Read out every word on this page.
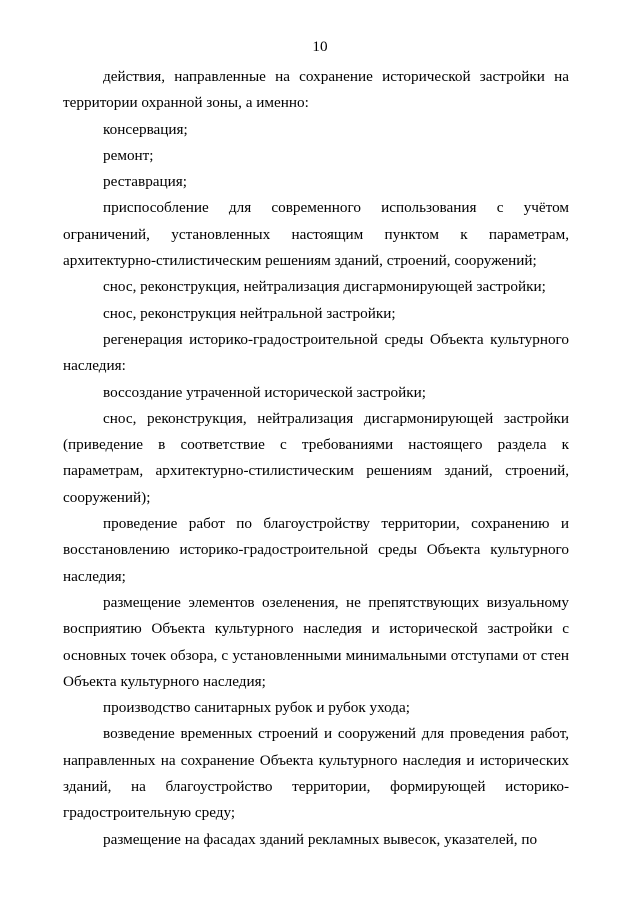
10

действия, направленные на сохранение исторической застройки на территории охранной зоны, а именно:

консервация;

ремонт;

реставрация;

приспособление для современного использования с учётом ограничений, установленных настоящим пунктом к параметрам, архитектурно-стилистическим решениям зданий, строений, сооружений;

снос, реконструкция, нейтрализация дисгармонирующей застройки;

снос, реконструкция нейтральной застройки;

регенерация историко-градостроительной среды Объекта культурного наследия:

воссоздание утраченной исторической застройки;

снос, реконструкция, нейтрализация дисгармонирующей застройки (приведение в соответствие с требованиями настоящего раздела к параметрам, архитектурно-стилистическим решениям зданий, строений, сооружений);

проведение работ по благоустройству территории, сохранению и восстановлению историко-градостроительной среды Объекта культурного наследия;

размещение элементов озеленения, не препятствующих визуальному восприятию Объекта культурного наследия и исторической застройки с основных точек обзора, с установленными минимальными отступами от стен Объекта культурного наследия;

производство санитарных рубок и рубок ухода;

возведение временных строений и сооружений для проведения работ, направленных на сохранение Объекта культурного наследия и исторических зданий, на благоустройство территории, формирующей историко-градостроительную среду;

размещение на фасадах зданий рекламных вывесок, указателей, по
